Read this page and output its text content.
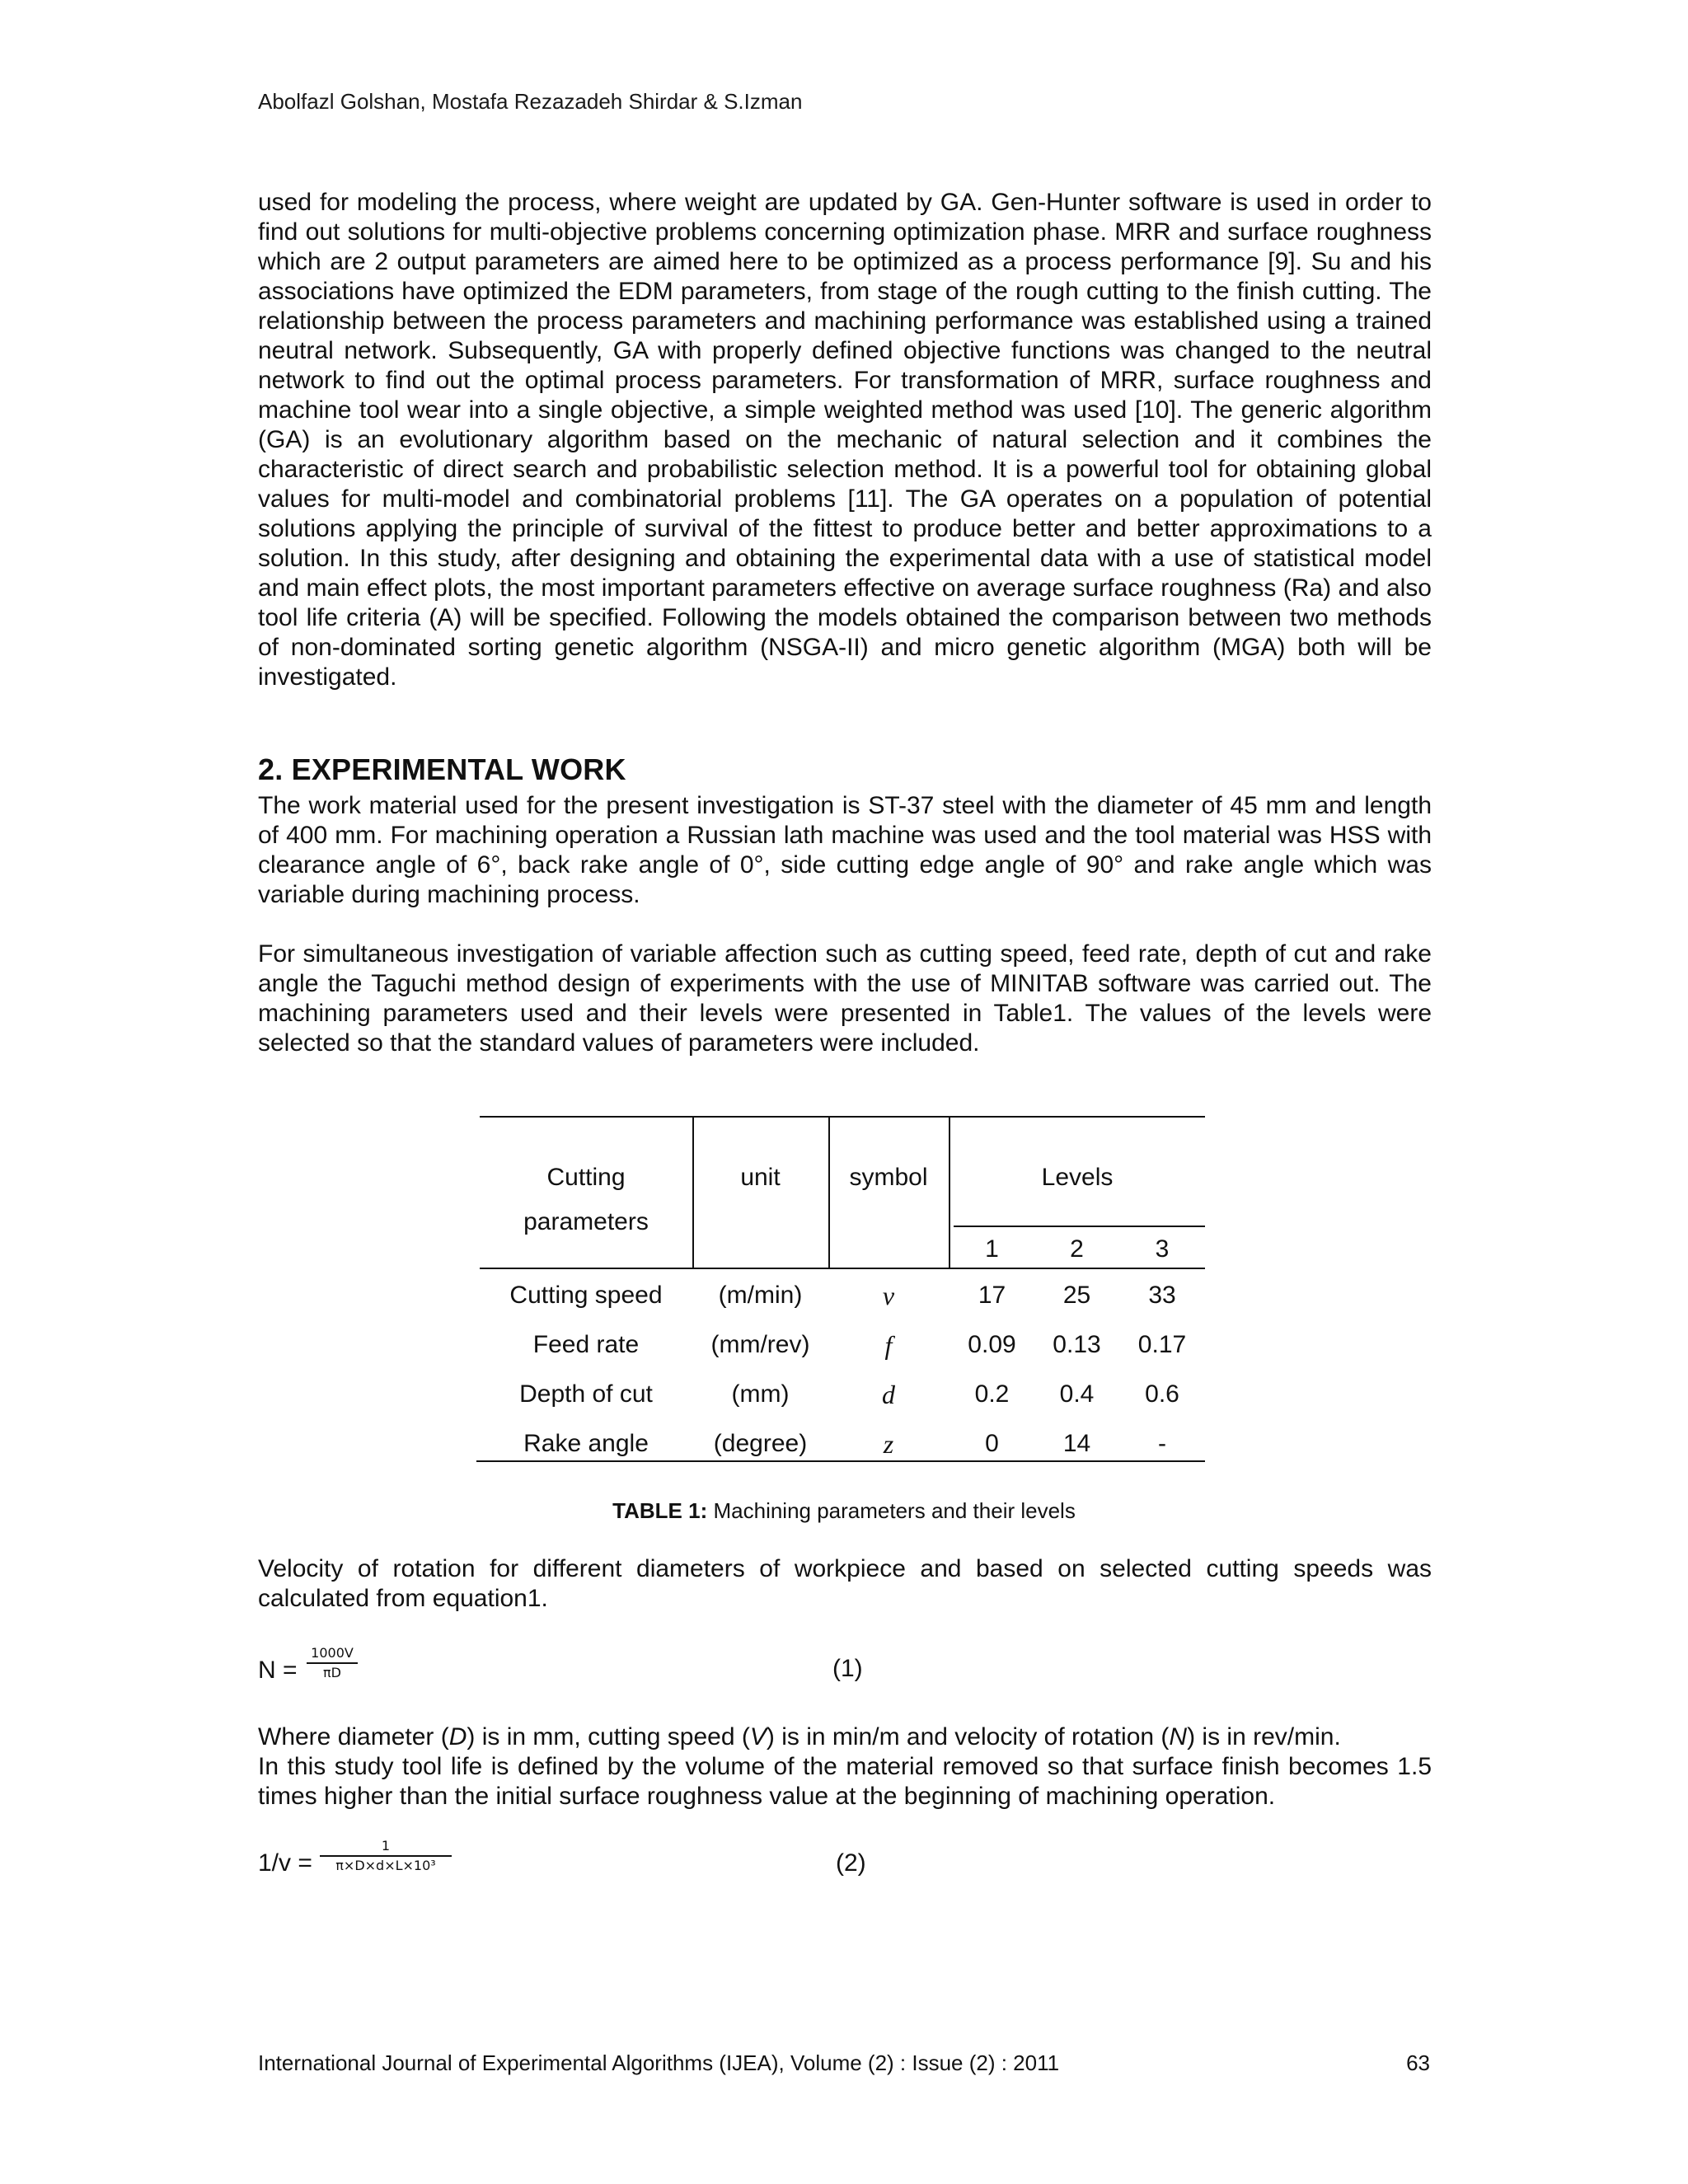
Abolfazl Golshan, Mostafa Rezazadeh Shirdar & S.Izman

used for modeling the process, where weight are updated by GA. Gen-Hunter software is used in order to find out solutions for multi-objective problems concerning optimization phase. MRR and surface roughness which are 2 output parameters are aimed here to be optimized as a process performance [9]. Su and his associations have optimized the EDM parameters, from stage of the rough cutting to the finish cutting. The relationship between the process parameters and machining performance was established using a trained neutral network. Subsequently, GA with properly defined objective functions was changed to the neutral network to find out the optimal process parameters. For transformation of MRR, surface roughness and machine tool wear into a single objective, a simple weighted method was used [10]. The generic algorithm (GA) is an evolutionary algorithm based on the mechanic of natural selection and it combines the characteristic of direct search and probabilistic selection method. It is a powerful tool for obtaining global values for multi-model and combinatorial problems [11]. The GA operates on a population of potential solutions applying the principle of survival of the fittest to produce better and better approximations to a solution. In this study, after designing and obtaining the experimental data with a use of statistical model and main effect plots, the most important parameters effective on average surface roughness (Ra) and also tool life criteria (A) will be specified. Following the models obtained the comparison between two methods of non-dominated sorting genetic algorithm (NSGA-II) and micro genetic algorithm (MGA) both will be investigated.

2. EXPERIMENTAL WORK

The work material used for the present investigation is ST-37 steel with the diameter of 45 mm and length of 400 mm. For machining operation a Russian lath machine was used and the tool material was HSS with clearance angle of 6°, back rake angle of 0°, side cutting edge angle of 90° and rake angle which was variable during machining process.

For simultaneous investigation of variable affection such as cutting speed, feed rate, depth of cut and rake angle the Taguchi method design of experiments with the use of MINITAB software was carried out. The machining parameters used and their levels were presented in Table1. The values of the levels were selected so that the standard values of parameters were included.

Cutting
parameters
unit	symbol	Levels
1	2	3
Cutting speed	(m/min)	v	17	25	33
Feed rate	(mm/rev)	f	0.09	0.13	0.17
Depth of cut	(mm)	d	0.2	0.4	0.6
Rake angle	(degree)	z	0	14	-
TABLE 1: Machining parameters and their levels

Velocity of rotation for different diameters of workpiece and based on selected cutting speeds was calculated from equation1.

N =
1000V
πD	(1)
Where diameter (D) is in mm, cutting speed (V) is in min/m and velocity of rotation (N) is in rev/min.
In this study tool life is defined by the volume of the material removed so that surface finish becomes 1.5 times higher than the initial surface roughness value at the beginning of machining operation.
1/v =
1
π×D×d×L×10³	(2)
International Journal of Experimental Algorithms (IJEA), Volume (2) : Issue (2) : 2011	63
